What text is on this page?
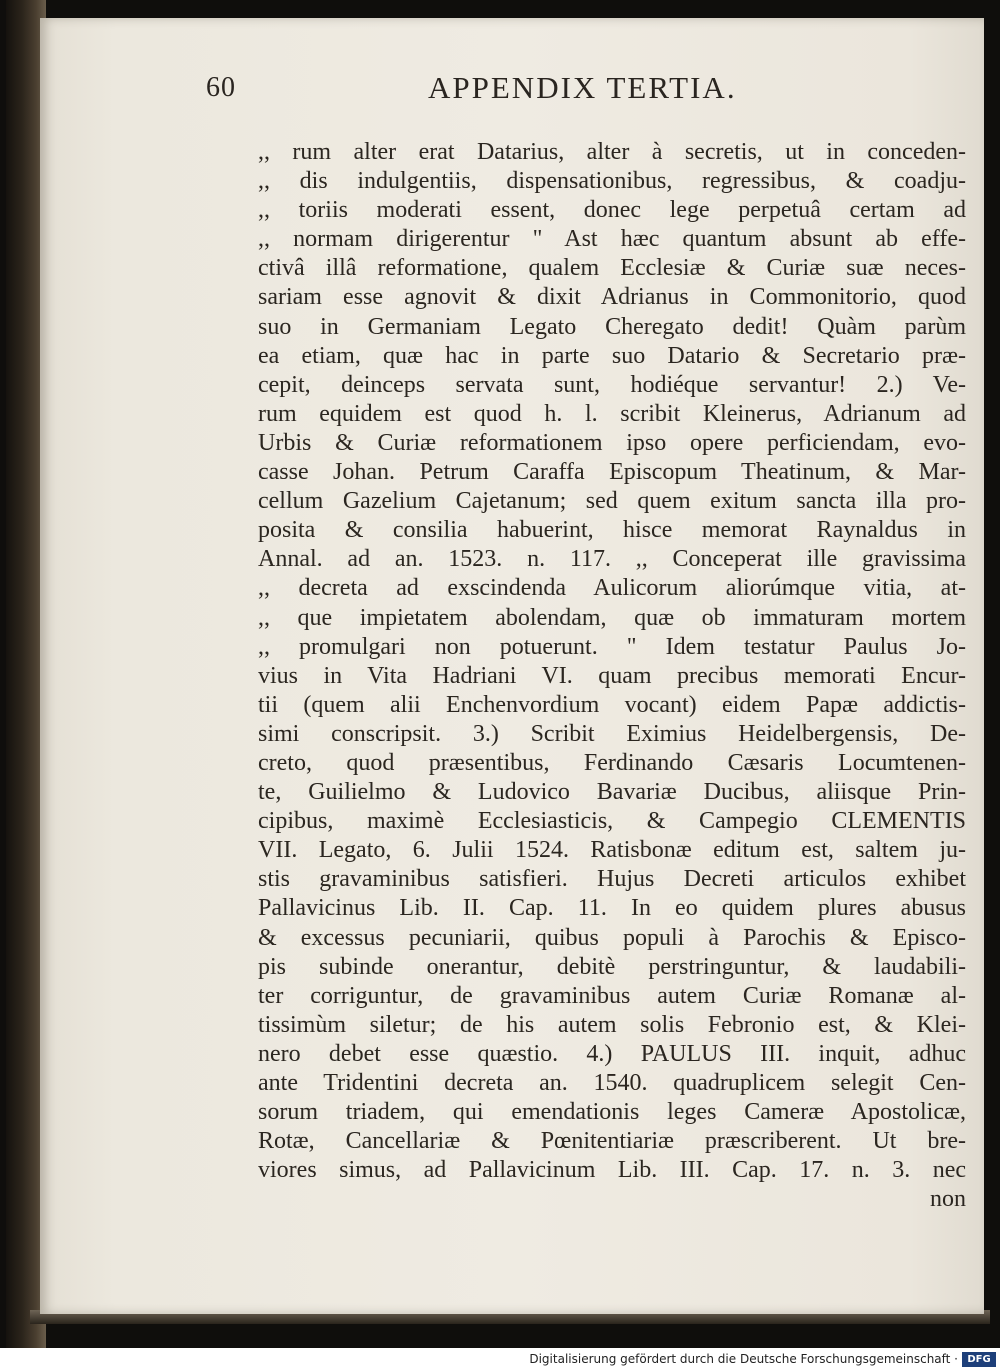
60	APPENDIX TERTIA.
,, rum alter erat Datarius, alter à secretis, ut in conceden-
,, dis indulgentiis, dispensationibus, regressibus, & coadju-
,, toriis moderati essent, donec lege perpetuâ certam ad
,, normam dirigerentur " Ast hæc quantum absunt ab effe-
ctivâ illâ reformatione, qualem Ecclesiæ & Curiæ suæ neces-
sariam esse agnovit & dixit Adrianus in Commonitorio, quod
suo in Germaniam Legato Cheregato dedit! Quàm parùm
ea etiam, quæ hac in parte suo Datario & Secretario præ-
cepit, deinceps servata sunt, hodiéque servantur! 2.) Ve-
rum equidem est quod h. l. scribit Kleinerus, Adrianum ad
Urbis & Curiæ reformationem ipso opere perficiendam, evo-
casse Johan. Petrum Caraffa Episcopum Theatinum, & Mar-
cellum Gazelium Cajetanum; sed quem exitum sancta illa pro-
posita & consilia habuerint, hisce memorat Raynaldus in
Annal. ad an. 1523. n. 117. ,, Conceperat ille gravissima
,, decreta ad exscindenda Aulicorum aliorúmque vitia, at-
,, que impietatem abolendam, quæ ob immaturam mortem
,, promulgari non potuerunt. " Idem testatur Paulus Jo-
vius in Vita Hadriani VI. quam precibus memorati Encur-
tii (quem alii Enchenvordium vocant) eidem Papæ addictis-
simi conscripsit. 3.) Scribit Eximius Heidelbergensis, De-
creto, quod præsentibus, Ferdinando Cæsaris Locumtenen-
te, Guilielmo & Ludovico Bavariæ Ducibus, aliisque Prin-
cipibus, maximè Ecclesiasticis, & Campegio CLEMENTIS
VII. Legato, 6. Julii 1524. Ratisbonæ editum est, saltem ju-
stis gravaminibus satisfieri. Hujus Decreti articulos exhibet
Pallavicinus Lib. II. Cap. 11. In eo quidem plures abusus
& excessus pecuniarii, quibus populi à Parochis & Episco-
pis subinde onerantur, debitè perstringuntur, & laudabili-
ter corriguntur, de gravaminibus autem Curiæ Romanæ al-
tissimùm siletur; de his autem solis Febronio est, & Klei-
nero debet esse quæstio. 4.) PAULUS III. inquit, adhuc
ante Tridentini decreta an. 1540. quadruplicem selegit Cen-
sorum triadem, qui emendationis leges Cameræ Apostolicæ,
Rotæ, Cancellariæ & Pœnitentiariæ præscriberent. Ut bre-
viores simus, ad Pallavicinum Lib. III. Cap. 17. n. 3. nec
non
Digitalisierung gefördert durch die Deutsche Forschungsgemeinschaft · DFG
